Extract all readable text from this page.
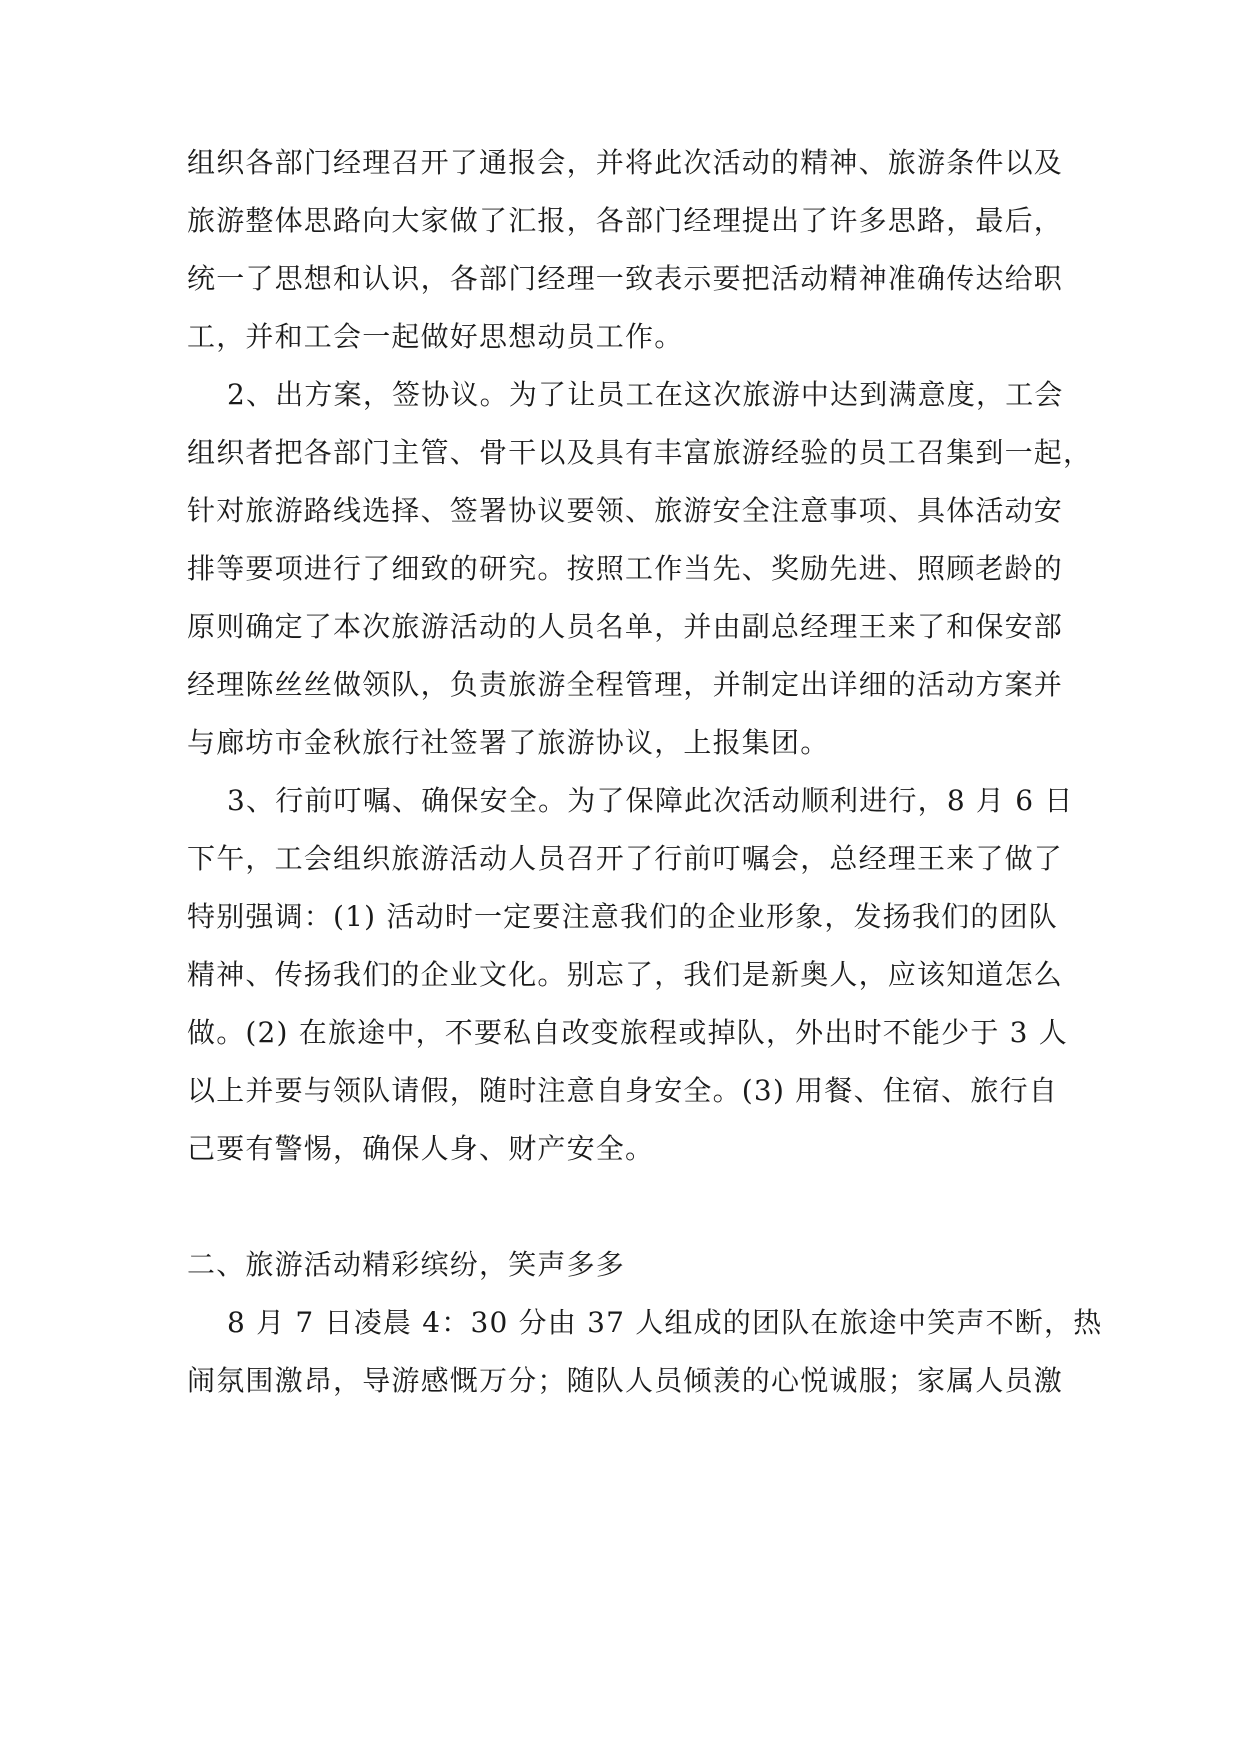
组织各部门经理召开了通报会，并将此次活动的精神、旅游条件以及

旅游整体思路向大家做了汇报，各部门经理提出了许多思路，最后，

统一了思想和认识，各部门经理一致表示要把活动精神准确传达给职

工，并和工会一起做好思想动员工作。

2、出方案，签协议。为了让员工在这次旅游中达到满意度，工会

组织者把各部门主管、骨干以及具有丰富旅游经验的员工召集到一起，

针对旅游路线选择、签署协议要领、旅游安全注意事项、具体活动安

排等要项进行了细致的研究。按照工作当先、奖励先进、照顾老龄的

原则确定了本次旅游活动的人员名单，并由副总经理王来了和保安部

经理陈丝丝做领队，负责旅游全程管理，并制定出详细的活动方案并

与廊坊市金秋旅行社签署了旅游协议，上报集团。

3、行前叮嘱、确保安全。为了保障此次活动顺利进行，8 月 6 日

下午，工会组织旅游活动人员召开了行前叮嘱会，总经理王来了做了

特别强调：(1) 活动时一定要注意我们的企业形象，发扬我们的团队

精神、传扬我们的企业文化。别忘了，我们是新奥人，应该知道怎么

做。(2) 在旅途中，不要私自改变旅程或掉队，外出时不能少于 3 人

以上并要与领队请假，随时注意自身安全。(3) 用餐、住宿、旅行自

己要有警惕，确保人身、财产安全。

二、旅游活动精彩缤纷，笑声多多

8 月 7 日凌晨 4：30 分由 37 人组成的团队在旅途中笑声不断，热

闹氛围激昂，导游感慨万分；随队人员倾羡的心悦诚服；家属人员激
